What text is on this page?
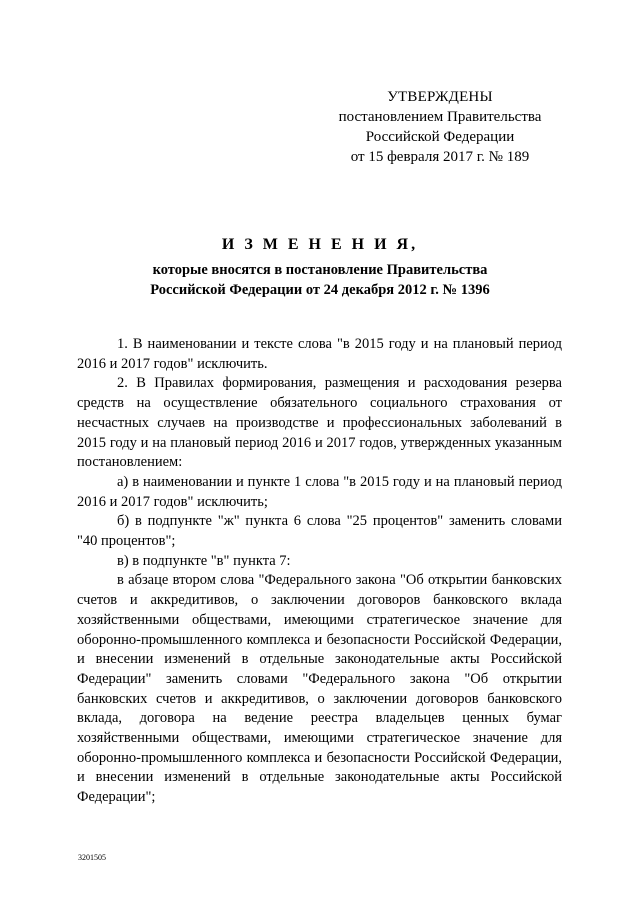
УТВЕРЖДЕНЫ
постановлением Правительства
Российской Федерации
от 15 февраля 2017 г. № 189
И З М Е Н Е Н И Я,
которые вносятся в постановление Правительства
Российской Федерации от 24 декабря 2012 г. № 1396

1. В наименовании и тексте слова "в 2015 году и на плановый период 2016 и 2017 годов" исключить.

2. В Правилах формирования, размещения и расходования резерва средств на осуществление обязательного социального страхования от несчастных случаев на производстве и профессиональных заболеваний в 2015 году и на плановый период 2016 и 2017 годов, утвержденных указанным постановлением:

а) в наименовании и пункте 1 слова "в 2015 году и на плановый период 2016 и 2017 годов" исключить;

б) в подпункте "ж" пункта 6 слова "25 процентов" заменить словами "40 процентов";

в) в подпункте "в" пункта 7:

в абзаце втором слова "Федерального закона "Об открытии банковских счетов и аккредитивов, о заключении договоров банковского вклада хозяйственными обществами, имеющими стратегическое значение для оборонно-промышленного комплекса и безопасности Российской Федерации, и внесении изменений в отдельные законодательные акты Российской Федерации" заменить словами "Федерального закона "Об открытии банковских счетов и аккредитивов, о заключении договоров банковского вклада, договора на ведение реестра владельцев ценных бумаг хозяйственными обществами, имеющими стратегическое значение для оборонно-промышленного комплекса и безопасности Российской Федерации, и внесении изменений в отдельные законодательные акты Российской Федерации";

3201505
